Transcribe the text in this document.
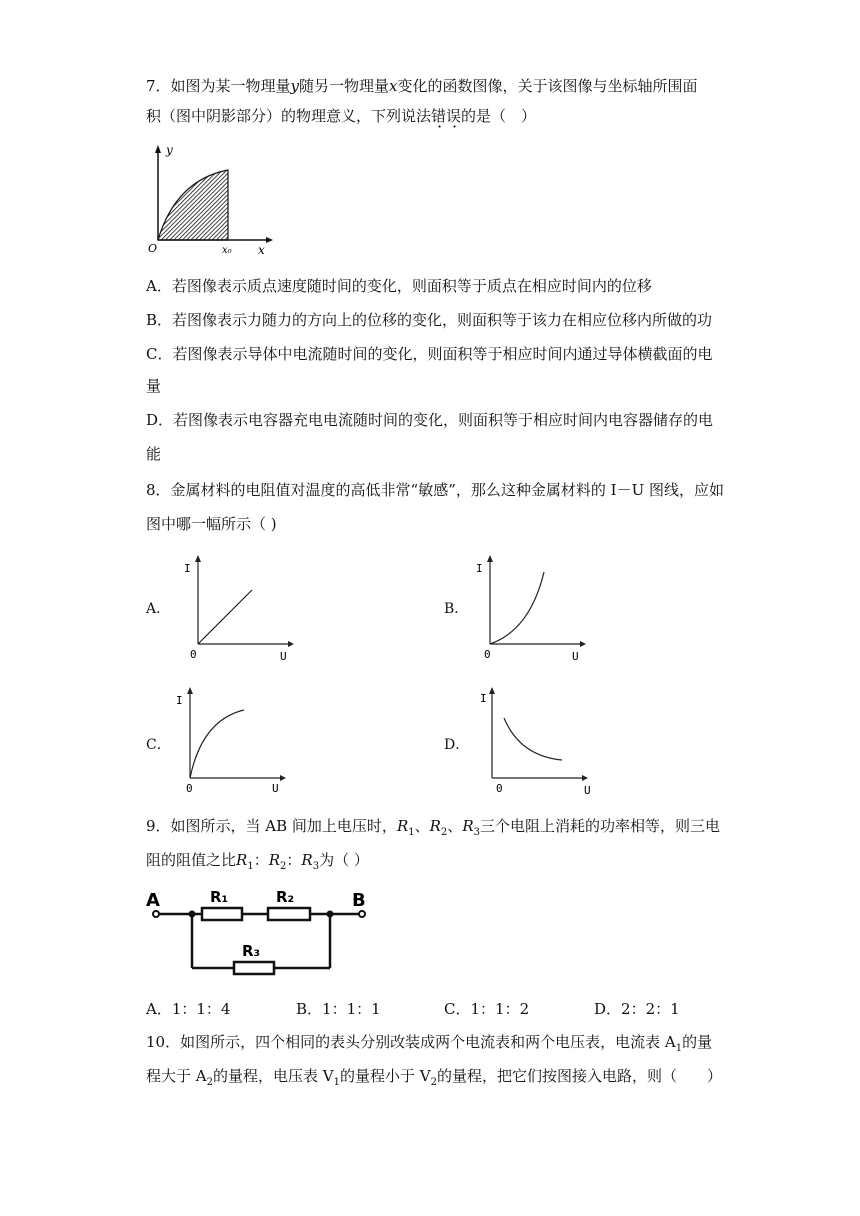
7．如图为某一物理量y随另一物理量x变化的函数图像，关于该图像与坐标轴所围面
积（图中阴影部分）的物理意义，下列说法错误的是（　）
y
x
O	x₀
A．若图像表示质点速度随时间的变化，则面积等于质点在相应时间内的位移
B．若图像表示力随力的方向上的位移的变化，则面积等于该力在相应位移内所做的功
C．若图像表示导体中电流随时间的变化，则面积等于相应时间内通过导体横截面的电
量
D．若图像表示电容器充电电流随时间的变化，则面积等于相应时间内电容器储存的电
能
8．金属材料的电阻值对温度的高低非常“敏感”，那么这种金属材料的 I－U 图线，应如
图中哪一幅所示（ )
A．
I
0	U
B．
I
0	U
C．
I
0	U
D．
I
0	U
9．如图所示，当 AB 间加上电压时，$R_1$、$R_2$、$R_3$三个电阻上消耗的功率相等，则三电
阻的阻值之比$R_1$：$R_2$：$R_3$为（ ）
A	B
R₁	R₂
R₃
A．1：1：4	B．1：1：1	C．1：1：2	D．2：2：1
10．如图所示，四个相同的表头分别改装成两个电流表和两个电压表，电流表 $A_1$的量
程大于 $A_2$的量程，电压表 $V_1$的量程小于 $V_2$的量程，把它们按图接入电路，则（　　）
